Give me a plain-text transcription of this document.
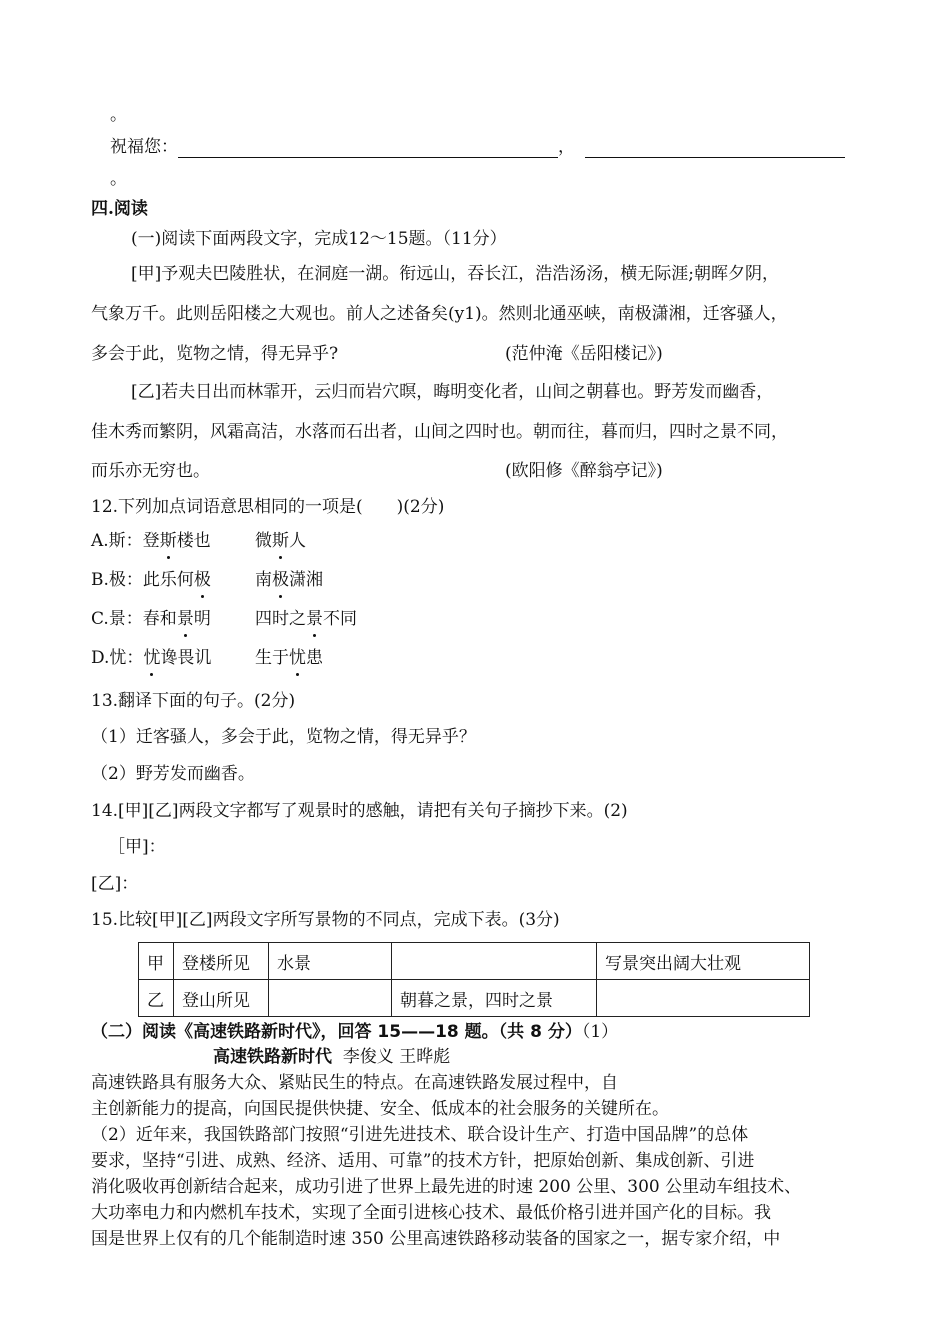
。
祝福您：	，
。
四.阅读
(一)阅读下面两段文字，完成12～15题。（11分）
[甲]予观夫巴陵胜状，在洞庭一湖。衔远山，吞长江，浩浩汤汤，横无际涯;朝晖夕阴，
气象万千。此则岳阳楼之大观也。前人之述备矣(y1)。然则北通巫峡，南极潇湘，迁客骚人，
多会于此，览物之情，得无异乎?	(范仲淹《岳阳楼记》)
[乙]若夫日出而林霏开，云归而岩穴暝，晦明变化者，山间之朝暮也。野芳发而幽香，
佳木秀而繁阴，风霜高洁，水落而石出者，山间之四时也。朝而往，暮而归，四时之景不同，
而乐亦无穷也。	(欧阳修《醉翁亭记》)
12.下列加点词语意思相同的一项是(　　)(2分)
A.斯：登斯楼也	微斯人
B.极：此乐何极	南极潇湘
C.景：春和景明	四时之景不同
D.忧：忧谗畏讥	生于忧患
13.翻译下面的句子。(2分)
（1）迁客骚人，多会于此，览物之情，得无异乎？
（2）野芳发而幽香。
14.[甲][乙]两段文字都写了观景时的感触，请把有关句子摘抄下来。(2)
［甲]：
[乙]：
15.比较[甲][乙]两段文字所写景物的不同点，完成下表。(3分)
甲	登楼所见	水景		写景突出阔大壮观
乙	登山所见		朝暮之景，四时之景	
（二）阅读《高速铁路新时代》，回答 15——18 题。（共 8 分）（1）
高速铁路新时代 李俊义 王晔彪
高速铁路具有服务大众、紧贴民生的特点。在高速铁路发展过程中，自
主创新能力的提高，向国民提供快捷、安全、低成本的社会服务的关键所在。
（2）近年来，我国铁路部门按照“引进先进技术、联合设计生产、打造中国品牌”的总体
要求，坚持“引进、成熟、经济、适用、可靠”的技术方针，把原始创新、集成创新、引进
消化吸收再创新结合起来，成功引进了世界上最先进的时速 200 公里、300 公里动车组技术、
大功率电力和内燃机车技术，实现了全面引进核心技术、最低价格引进并国产化的目标。我
国是世界上仅有的几个能制造时速 350 公里高速铁路移动装备的国家之一，据专家介绍，中
